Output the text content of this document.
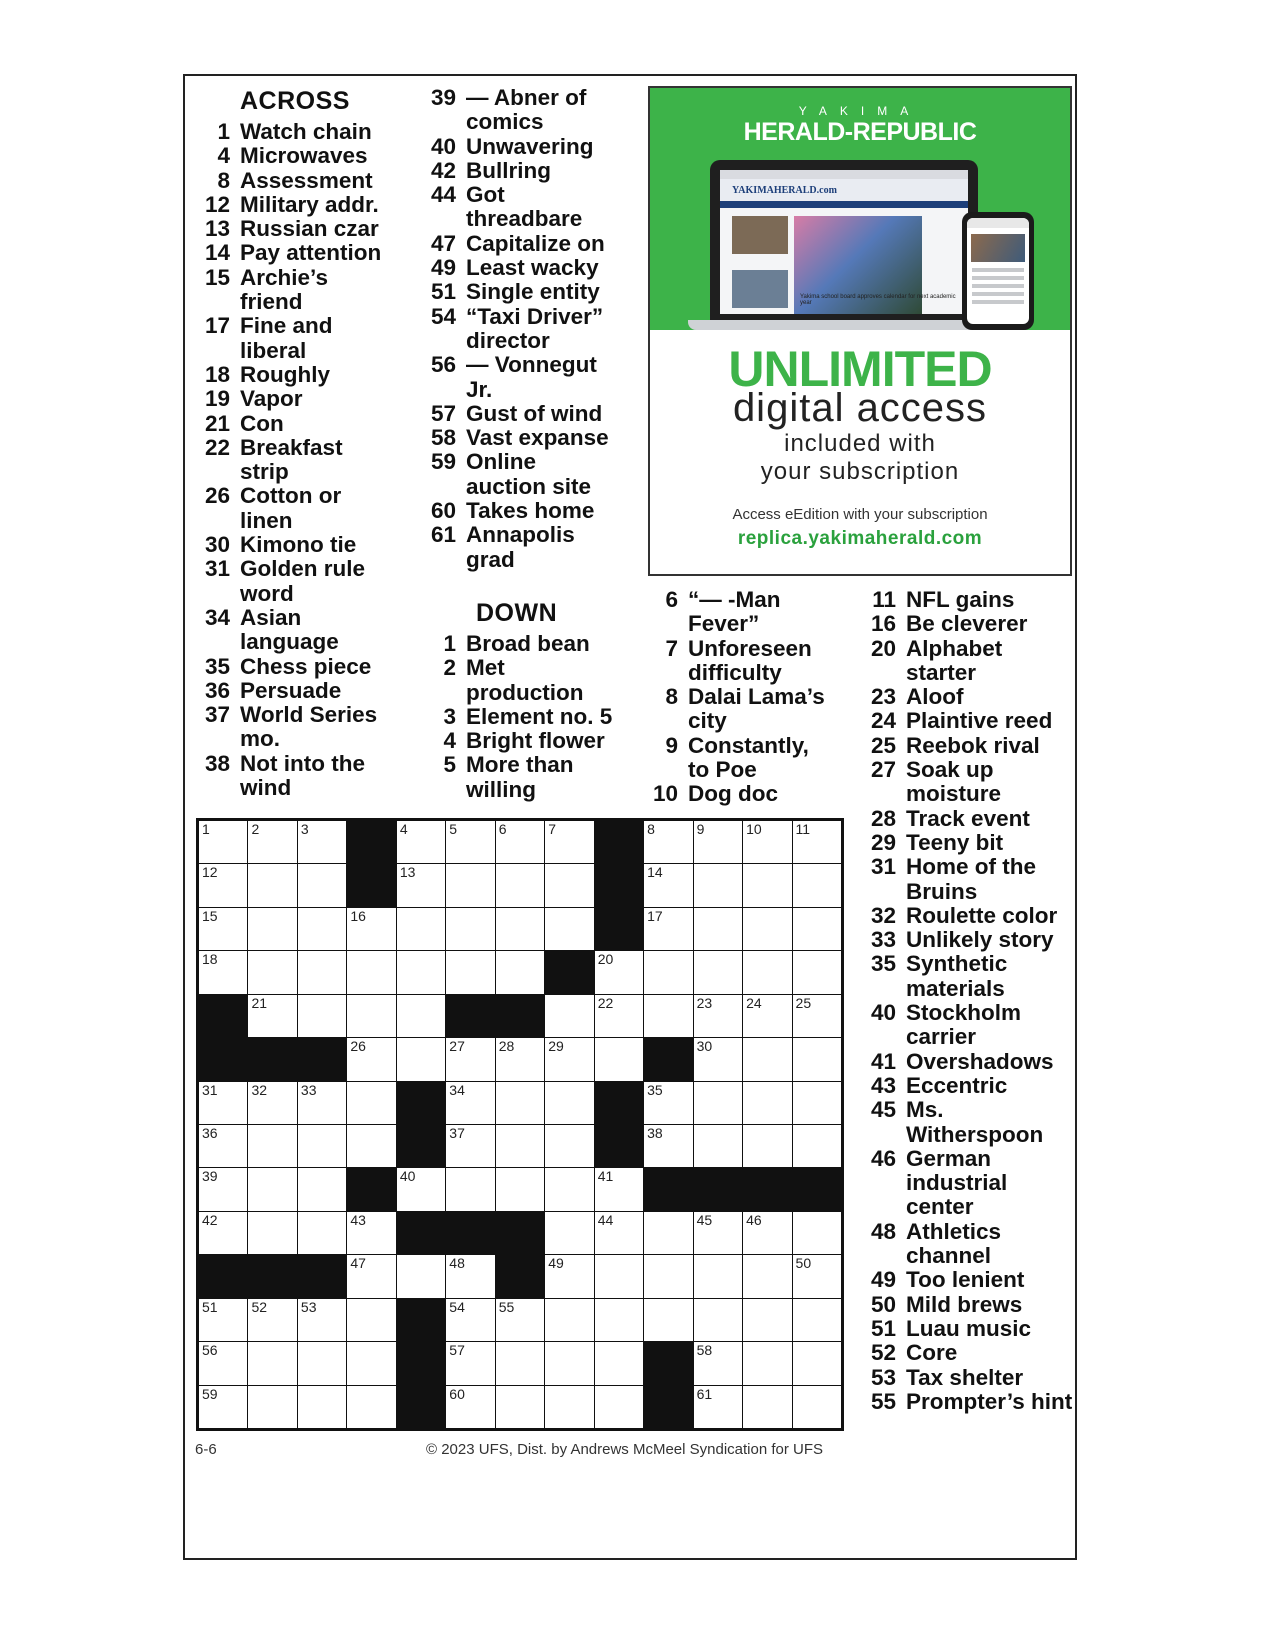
ACROSS
1 Watch chain
4 Microwaves
8 Assessment
12 Military addr.
13 Russian czar
14 Pay attention
15 Archie’s friend
17 Fine and liberal
18 Roughly
19 Vapor
21 Con
22 Breakfast strip
26 Cotton or linen
30 Kimono tie
31 Golden rule word
34 Asian language
35 Chess piece
36 Persuade
37 World Series mo.
38 Not into the wind
39 — Abner of comics
40 Unwavering
42 Bullring
44 Got threadbare
47 Capitalize on
49 Least wacky
51 Single entity
54 “Taxi Driver” director
56 — Vonnegut Jr.
57 Gust of wind
58 Vast expanse
59 Online auction site
60 Takes home
61 Annapolis grad
DOWN
1 Broad bean
2 Met production
3 Element no. 5
4 Bright flower
5 More than willing
6 “— -Man Fever”
7 Unforeseen difficulty
8 Dalai Lama’s city
9 Constantly, to Poe
10 Dog doc
11 NFL gains
16 Be cleverer
20 Alphabet starter
23 Aloof
24 Plaintive reed
25 Reebok rival
27 Soak up moisture
28 Track event
29 Teeny bit
31 Home of the Bruins
32 Roulette color
33 Unlikely story
35 Synthetic materials
40 Stockholm carrier
41 Overshadows
43 Eccentric
45 Ms. Witherspoon
46 German industrial center
48 Athletics channel
49 Too lenient
50 Mild brews
51 Luau music
52 Core
53 Tax shelter
55 Prompter’s hint
YAKIMA
HERALD-REPUBLIC
YAKIMAHERALD.com
Yakima school board approves calendar for next academic year
UNLIMITED
digital access
included with
your subscription
Access eEdition with your subscription
replica.yakimaherald.com
1	2	3	4	5	6	7	8	9	10 11
12	13	14
15	16	17
18	20
21	22	23 24 25
26	27 28 29	30
31 32 33	34	35
36	37	38
39	40	41
42	43	44	45 46
47	48	49	50
51 52 53	54 55
56	57	58
59	60	61
6-6	© 2023 UFS, Dist. by Andrews McMeel Syndication for UFS
